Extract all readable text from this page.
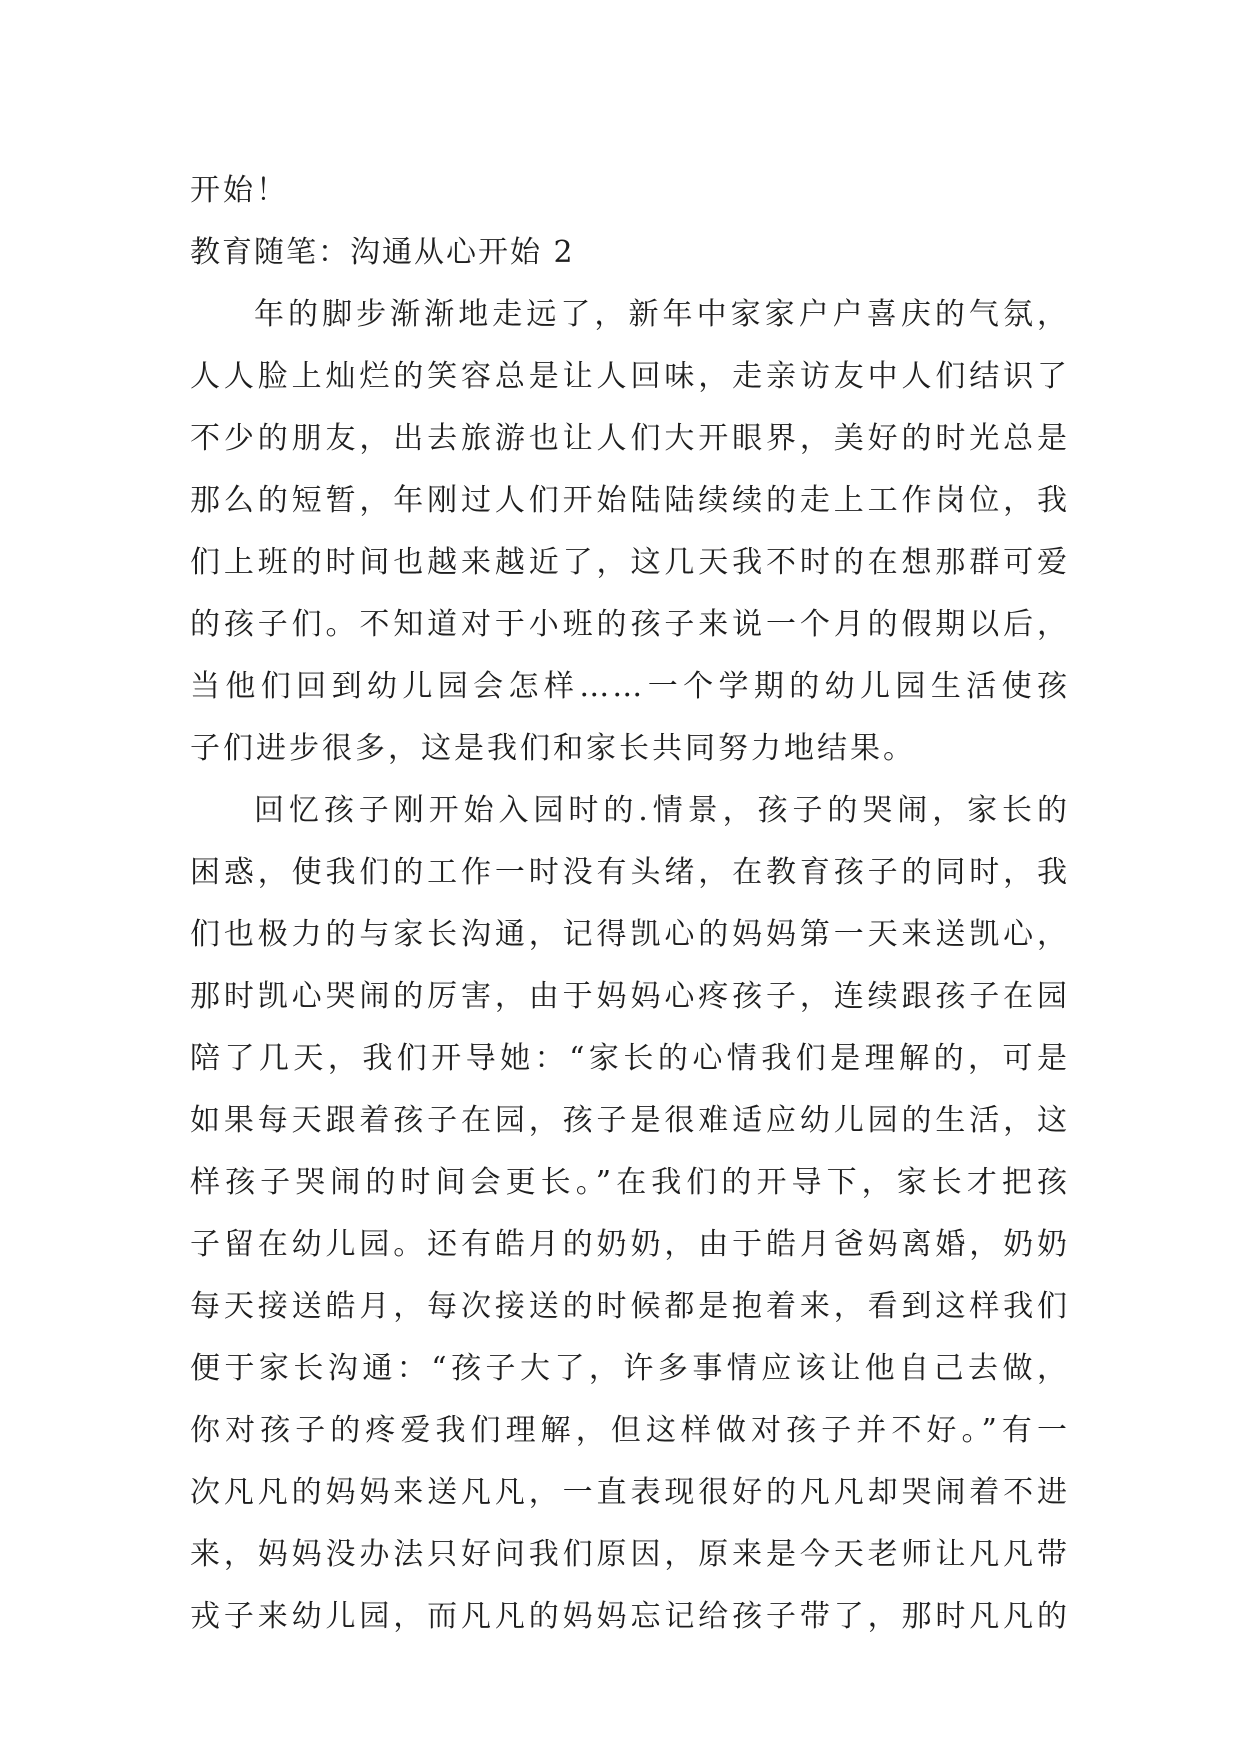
开始！
教育随笔：沟通从心开始 2
年的脚步渐渐地走远了，新年中家家户户喜庆的气氛，
人人脸上灿烂的笑容总是让人回味，走亲访友中人们结识了
不少的朋友，出去旅游也让人们大开眼界，美好的时光总是
那么的短暂，年刚过人们开始陆陆续续的走上工作岗位，我
们上班的时间也越来越近了，这几天我不时的在想那群可爱
的孩子们。不知道对于小班的孩子来说一个月的假期以后，
当他们回到幼儿园会怎样……一个学期的幼儿园生活使孩
子们进步很多，这是我们和家长共同努力地结果。
回忆孩子刚开始入园时的.情景，孩子的哭闹，家长的
困惑，使我们的工作一时没有头绪，在教育孩子的同时，我
们也极力的与家长沟通，记得凯心的妈妈第一天来送凯心，
那时凯心哭闹的厉害，由于妈妈心疼孩子，连续跟孩子在园
陪了几天，我们开导她：“家长的心情我们是理解的，可是
如果每天跟着孩子在园，孩子是很难适应幼儿园的生活，这
样孩子哭闹的时间会更长。”在我们的开导下，家长才把孩
子留在幼儿园。还有皓月的奶奶，由于皓月爸妈离婚，奶奶
每天接送皓月，每次接送的时候都是抱着来，看到这样我们
便于家长沟通：“孩子大了，许多事情应该让他自己去做，
你对孩子的疼爱我们理解，但这样做对孩子并不好。”有一
次凡凡的妈妈来送凡凡，一直表现很好的凡凡却哭闹着不进
来，妈妈没办法只好问我们原因，原来是今天老师让凡凡带
戎子来幼儿园，而凡凡的妈妈忘记给孩子带了，那时凡凡的
